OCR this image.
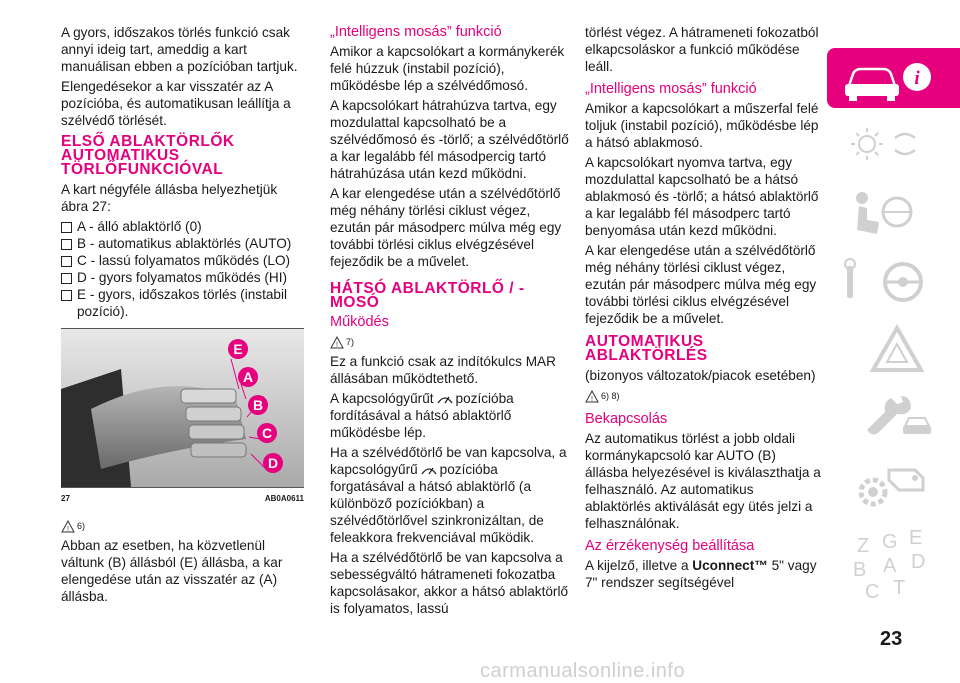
A gyors, időszakos törlés funkció csak annyi ideig tart, ameddig a kart manuálisan ebben a pozícióban tartjuk.

Elengedésekor a kar visszatér az A pozícióba, és automatikusan leállítja a szélvédő törlését.

ELSŐ ABLAKTÖRLŐK AUTOMATIKUS TÖRLŐFUNKCIÓVAL

A kart négyféle állásba helyezhetjük ábra 27:

A - álló ablaktörlő (0)
B - automatikus ablaktörlés (AUTO)
C - lassú folyamatos működés (LO)
D - gyors folyamatos működés (HI)
E - gyors, időszakos törlés (instabil pozíció).
E
A
B
C
D
27	AB0A0611
! 6)

Abban az esetben, ha közvetlenül váltunk (B) állásból (E) állásba, a kar elengedése után az visszatér az (A) állásba.

„Intelligens mosás” funkció

Amikor a kapcsolókart a kormánykerék felé húzzuk (instabil pozíció), működésbe lép a szélvédőmosó.

A kapcsolókart hátrahúzva tartva, egy mozdulattal kapcsolható be a szélvédőmosó és -törlő; a szélvédőtörlő a kar legalább fél másodpercig tartó hátrahúzása után kezd működni.

A kar elengedése után a szélvédőtörlő még néhány törlési ciklust végez, ezután pár másodperc múlva még egy további törlési ciklus elvégzésével fejeződik be a művelet.

HÁTSÓ ABLAKTÖRLŐ / -MOSÓ
Működés
! 7)

Ez a funkció csak az indítókulcs MAR állásában működtethető.

A kapcsológyűrűt pozícióba fordításával a hátsó ablaktörlő működésbe lép.

Ha a szélvédőtörlő be van kapcsolva, a kapcsológyűrű pozícióba forgatásával a hátsó ablaktörlő (a különböző pozíciókban) a szélvédőtörlővel szinkronizáltan, de feleakkora frekvenciával működik.

Ha a szélvédőtörlő be van kapcsolva a sebességváltó hátrameneti fokozatba kapcsolásakor, akkor a hátsó ablaktörlő is folyamatos, lassú

törlést végez. A hátrameneti fokozatból elkapcsoláskor a funkció működése leáll.

„Intelligens mosás” funkció

Amikor a kapcsolókart a műszerfal felé toljuk (instabil pozíció), működésbe lép a hátsó ablakmosó.

A kapcsolókart nyomva tartva, egy mozdulattal kapcsolható be a hátsó ablakmosó és -törlő; a hátsó ablaktörlő a kar legalább fél másodperc tartó benyomása után kezd működni.

A kar elengedése után a szélvédőtörlő még néhány törlési ciklust végez, ezután pár másodperc múlva még egy további törlési ciklus elvégzésével fejeződik be a művelet.

AUTOMATIKUS ABLAKTÖRLÉS

(bizonyos változatok/piacok esetében)

! 6) 8)
Bekapcsolás

Az automatikus törlést a jobb oldali kormánykapcsoló kar AUTO (B) állásba helyezésével is kiválaszthatja a felhasználó. Az automatikus ablaktörlés aktiválását egy ütés jelzi a felhasználónak.

Az érzékenység beállítása

A kijelző, illetve a Uconnect™ 5" vagy 7" rendszer segítségével

i
Z G E
B A D
C T
23
carmanualsonline.info
